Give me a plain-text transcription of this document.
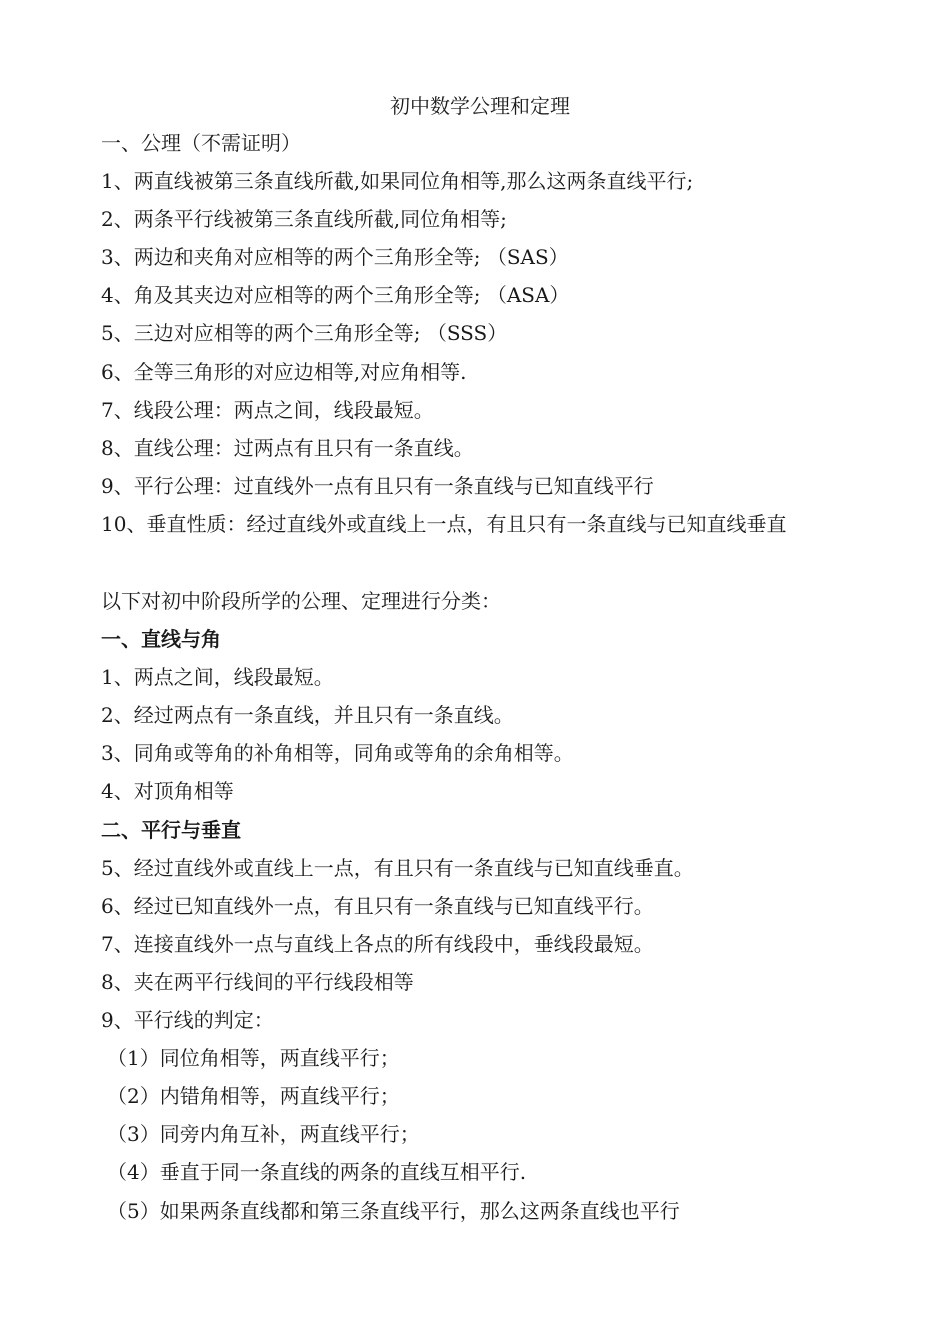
初中数学公理和定理
一、公理（不需证明）
1、两直线被第三条直线所截,如果同位角相等,那么这两条直线平行;
2、两条平行线被第三条直线所截,同位角相等;
3、两边和夹角对应相等的两个三角形全等; （SAS）
4、角及其夹边对应相等的两个三角形全等; （ASA）
5、三边对应相等的两个三角形全等; （SSS）
6、全等三角形的对应边相等,对应角相等.
7、线段公理：两点之间，线段最短。
8、直线公理：过两点有且只有一条直线。
9、平行公理：过直线外一点有且只有一条直线与已知直线平行
10、垂直性质：经过直线外或直线上一点，有且只有一条直线与已知直线垂直
以下对初中阶段所学的公理、定理进行分类：
一、直线与角
1、两点之间，线段最短。
2、经过两点有一条直线，并且只有一条直线。
3、同角或等角的补角相等，同角或等角的余角相等。
4、对顶角相等
二、平行与垂直
5、经过直线外或直线上一点，有且只有一条直线与已知直线垂直。
6、经过已知直线外一点，有且只有一条直线与已知直线平行。
7、连接直线外一点与直线上各点的所有线段中，垂线段最短。
8、夹在两平行线间的平行线段相等
9、平行线的判定：
（1）同位角相等，两直线平行；
（2）内错角相等，两直线平行；
（3）同旁内角互补，两直线平行；
（4）垂直于同一条直线的两条的直线互相平行.
（5）如果两条直线都和第三条直线平行，那么这两条直线也平行
